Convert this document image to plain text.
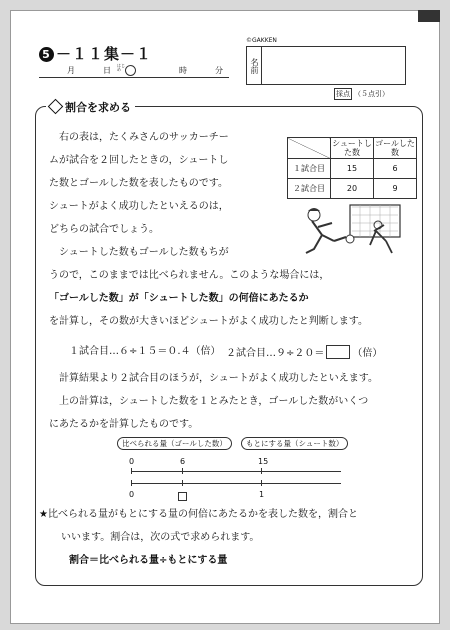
5 －１１集－１
月	日
はじめ	時	分
©GAKKEN
名前
採点 （５点引）
割合を求める
右の表は，たくみさんのサッカーチー
ムが試合を２回したときの，シュートし
た数とゴールした数を表したものです。
シュートがよく成功したといえるのは，
どちらの試合でしょう。
	シュートした数	ゴールした数
１試合目	15	6
２試合目	20	9
シュートした数もゴールした数もちが
うので，このままでは比べられません。このような場合には，
「ゴールした数」が「シュートした数」の何倍にあたるか
を計算し，その数が大きいほどシュートがよく成功したと判断します。
１試合目…６÷１５＝０.４（倍） ２試合目…９÷２０＝	（倍）
計算結果より２試合目のほうが，シュートがよく成功したといえます。
上の計算は，シュートした数を１とみたとき，ゴールした数がいくつ
にあたるかを計算したものです。
比べられる量（ゴールした数）	もとにする量（シュート数）
0	6	15
0	1
★比べられる量がもとにする量の何倍にあたるかを表した数を，割合と
いいます。割合は，次の式で求められます。
割合＝比べられる量÷もとにする量
